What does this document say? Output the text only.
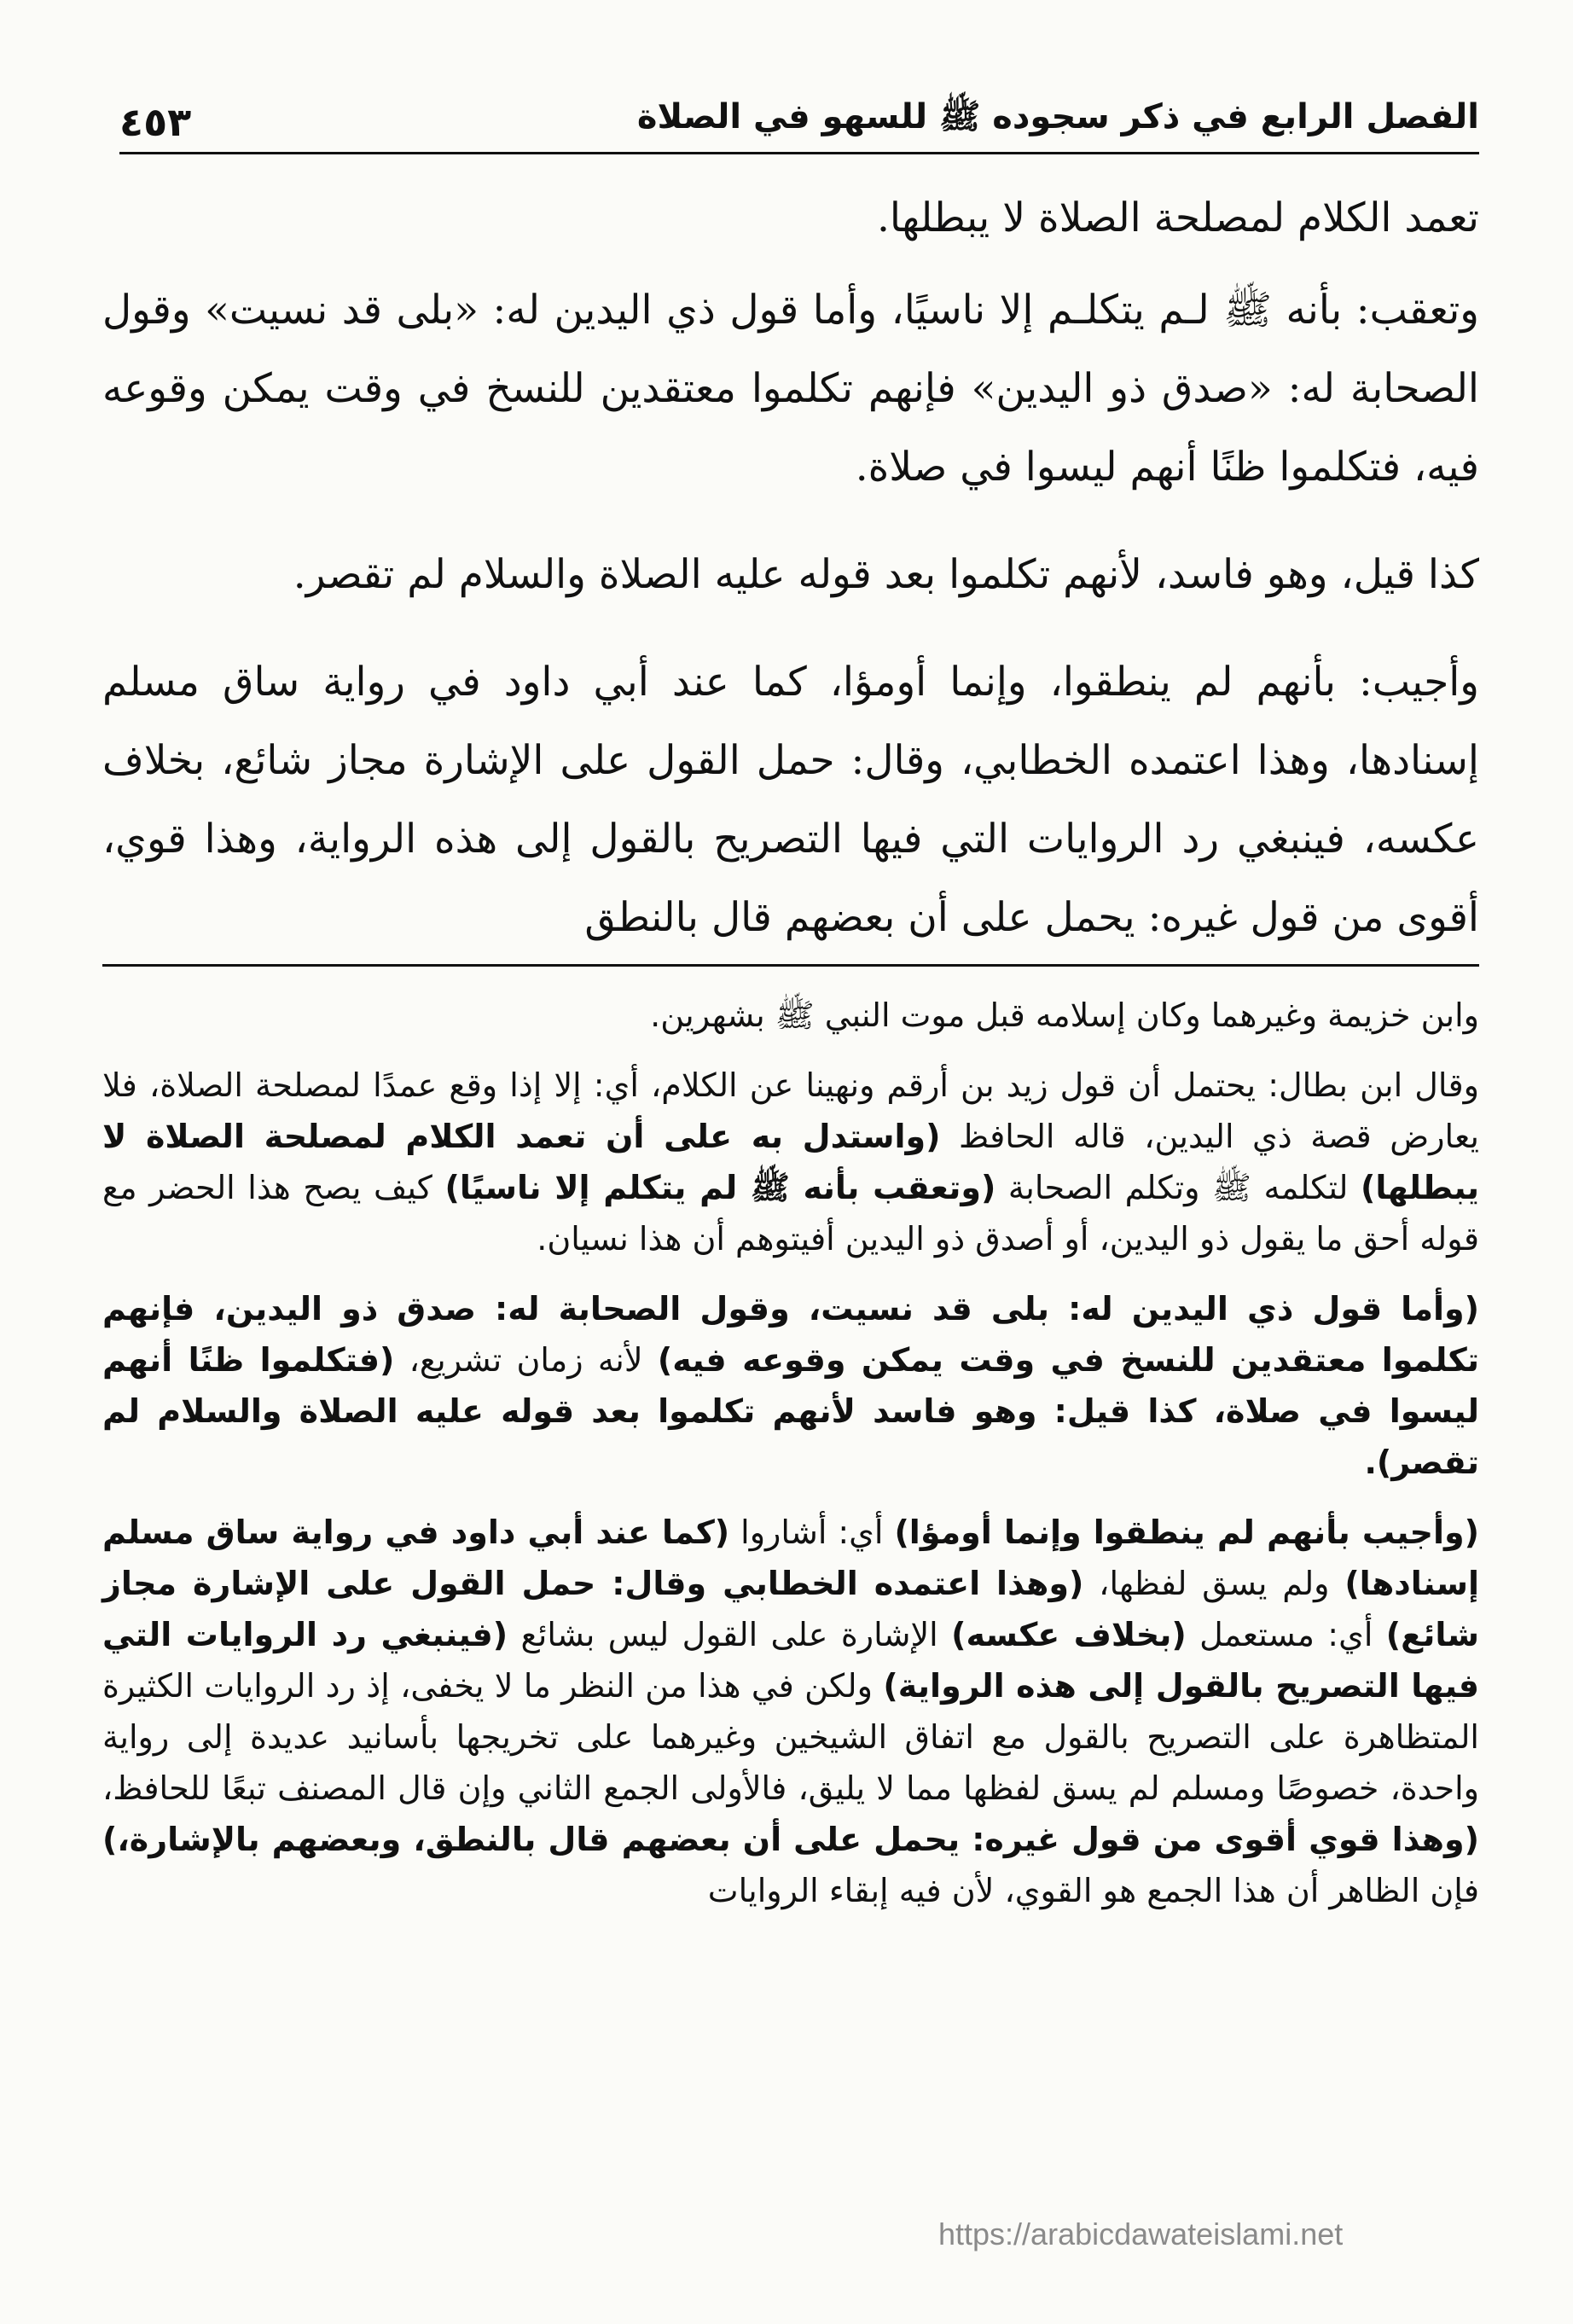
الفصل الرابع في ذكر سجوده ﷺ للسهو في الصلاة
٤٥٣

تعمد الكلام لمصلحة الصلاة لا يبطلها.

وتعقب: بأنه ﷺ لـم يتكلـم إلا ناسيًا، وأما قول ذي اليدين له: «بلى قد نسيت» وقول الصحابة له: «صدق ذو اليدين» فإنهم تكلموا معتقدين للنسخ في وقت يمكن وقوعه فيه، فتكلموا ظنًا أنهم ليسوا في صلاة.

كذا قيل، وهو فاسد، لأنهم تكلموا بعد قوله عليه الصلاة والسلام لم تقصر.

وأجيب: بأنهم لم ينطقوا، وإنما أومؤا، كما عند أبي داود في رواية ساق مسلم إسنادها، وهذا اعتمده الخطابي، وقال: حمل القول على الإشارة مجاز شائع، بخلاف عكسه، فينبغي رد الروايات التي فيها التصريح بالقول إلى هذه الرواية، وهذا قوي، أقوى من قول غيره: يحمل على أن بعضهم قال بالنطق

وابن خزيمة وغيرهما وكان إسلامه قبل موت النبي ﷺ بشهرين.

وقال ابن بطال: يحتمل أن قول زيد بن أرقم ونهينا عن الكلام، أي: إلا إذا وقع عمدًا لمصلحة الصلاة، فلا يعارض قصة ذي اليدين، قاله الحافظ (واستدل به على أن تعمد الكلام لمصلحة الصلاة لا يبطلها) لتكلمه ﷺ وتكلم الصحابة (وتعقب بأنه ﷺ لم يتكلم إلا ناسيًا) كيف يصح هذا الحضر مع قوله أحق ما يقول ذو اليدين، أو أصدق ذو اليدين أفيتوهم أن هذا نسيان.

(وأما قول ذي اليدين له: بلى قد نسيت، وقول الصحابة له: صدق ذو اليدين، فإنهم تكلموا معتقدين للنسخ في وقت يمكن وقوعه فيه) لأنه زمان تشريع، (فتكلموا ظنًا أنهم ليسوا في صلاة، كذا قيل: وهو فاسد لأنهم تكلموا بعد قوله عليه الصلاة والسلام لم تقصر).

(وأجيب بأنهم لم ينطقوا وإنما أومؤا) أي: أشاروا (كما عند أبي داود في رواية ساق مسلم إسنادها) ولم يسق لفظها، (وهذا اعتمده الخطابي وقال: حمل القول على الإشارة مجاز شائع) أي: مستعمل (بخلاف عكسه) الإشارة على القول ليس بشائع (فينبغي رد الروايات التي فيها التصريح بالقول إلى هذه الرواية) ولكن في هذا من النظر ما لا يخفى، إذ رد الروايات الكثيرة المتظاهرة على التصريح بالقول مع اتفاق الشيخين وغيرهما على تخريجها بأسانيد عديدة إلى رواية واحدة، خصوصًا ومسلم لم يسق لفظها مما لا يليق، فالأولى الجمع الثاني وإن قال المصنف تبعًا للحافظ، (وهذا قوي أقوى من قول غيره: يحمل على أن بعضهم قال بالنطق، وبعضهم بالإشارة،) فإن الظاهر أن هذا الجمع هو القوي، لأن فيه إبقاء الروايات

https://arabicdawateislami.net
